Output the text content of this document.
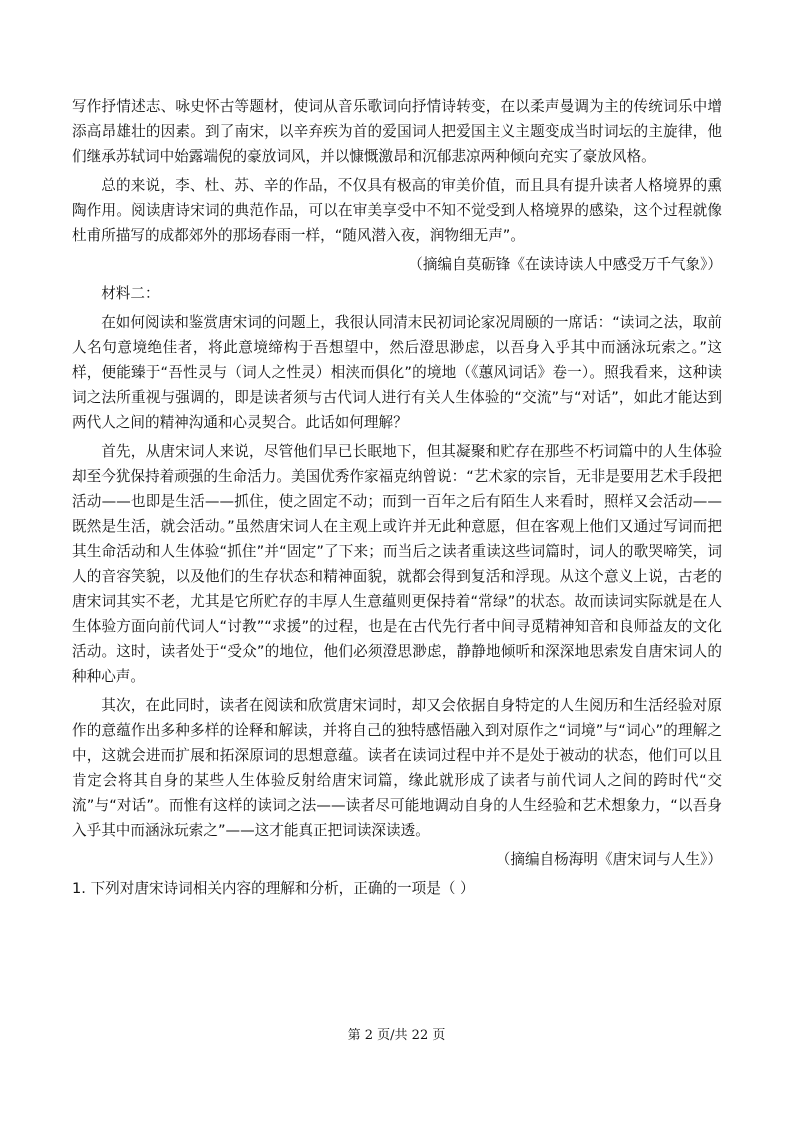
写作抒情述志、咏史怀古等题材，使词从音乐歌词向抒情诗转变，在以柔声曼调为主的传统词乐中增添高昂雄壮的因素。到了南宋，以辛弃疾为首的爱国词人把爱国主义主题变成当时词坛的主旋律，他们继承苏轼词中始露端倪的豪放词风，并以慷慨激昂和沉郁悲凉两种倾向充实了豪放风格。

总的来说，李、杜、苏、辛的作品，不仅具有极高的审美价值，而且具有提升读者人格境界的熏陶作用。阅读唐诗宋词的典范作品，可以在审美享受中不知不觉受到人格境界的感染，这个过程就像杜甫所描写的成都郊外的那场春雨一样，“随风潜入夜，润物细无声”。

（摘编自莫砺锋《在读诗读人中感受万千气象》）

材料二：

在如何阅读和鉴赏唐宋词的问题上，我很认同清末民初词论家况周颐的一席话：“读词之法，取前人名句意境绝佳者，将此意境缔构于吾想望中，然后澄思渺虑，以吾身入乎其中而涵泳玩索之。”这样，便能臻于“吾性灵与（词人之性灵）相浃而俱化”的境地（《蕙风词话》卷一）。照我看来，这种读词之法所重视与强调的，即是读者须与古代词人进行有关人生体验的“交流”与“对话”，如此才能达到两代人之间的精神沟通和心灵契合。此话如何理解？

首先，从唐宋词人来说，尽管他们早已长眠地下，但其凝聚和贮存在那些不朽词篇中的人生体验却至今犹保持着顽强的生命活力。美国优秀作家福克纳曾说：“艺术家的宗旨，无非是要用艺术手段把活动——也即是生活——抓住，使之固定不动；而到一百年之后有陌生人来看时，照样又会活动——既然是生活，就会活动。”虽然唐宋词人在主观上或许并无此种意愿，但在客观上他们又通过写词而把其生命活动和人生体验“抓住”并“固定”了下来；而当后之读者重读这些词篇时，词人的歌哭啼笑，词人的音容笑貌，以及他们的生存状态和精神面貌，就都会得到复活和浮现。从这个意义上说，古老的唐宋词其实不老，尤其是它所贮存的丰厚人生意蕴则更保持着“常绿”的状态。故而读词实际就是在人生体验方面向前代词人“讨教”“求援”的过程，也是在古代先行者中间寻觅精神知音和良师益友的文化活动。这时，读者处于“受众”的地位，他们必须澄思渺虑，静静地倾听和深深地思索发自唐宋词人的种种心声。

其次，在此同时，读者在阅读和欣赏唐宋词时，却又会依据自身特定的人生阅历和生活经验对原作的意蕴作出多种多样的诠释和解读，并将自己的独特感悟融入到对原作之“词境”与“词心”的理解之中，这就会进而扩展和拓深原词的思想意蕴。读者在读词过程中并不是处于被动的状态，他们可以且肯定会将其自身的某些人生体验反射给唐宋词篇，缘此就形成了读者与前代词人之间的跨时代“交流”与“对话”。而惟有这样的读词之法——读者尽可能地调动自身的人生经验和艺术想象力，“以吾身入乎其中而涵泳玩索之”——这才能真正把词读深读透。

（摘编自杨海明《唐宋词与人生》）

1. 下列对唐宋诗词相关内容的理解和分析，正确的一项是（ ）

第 2 页/共 22 页
